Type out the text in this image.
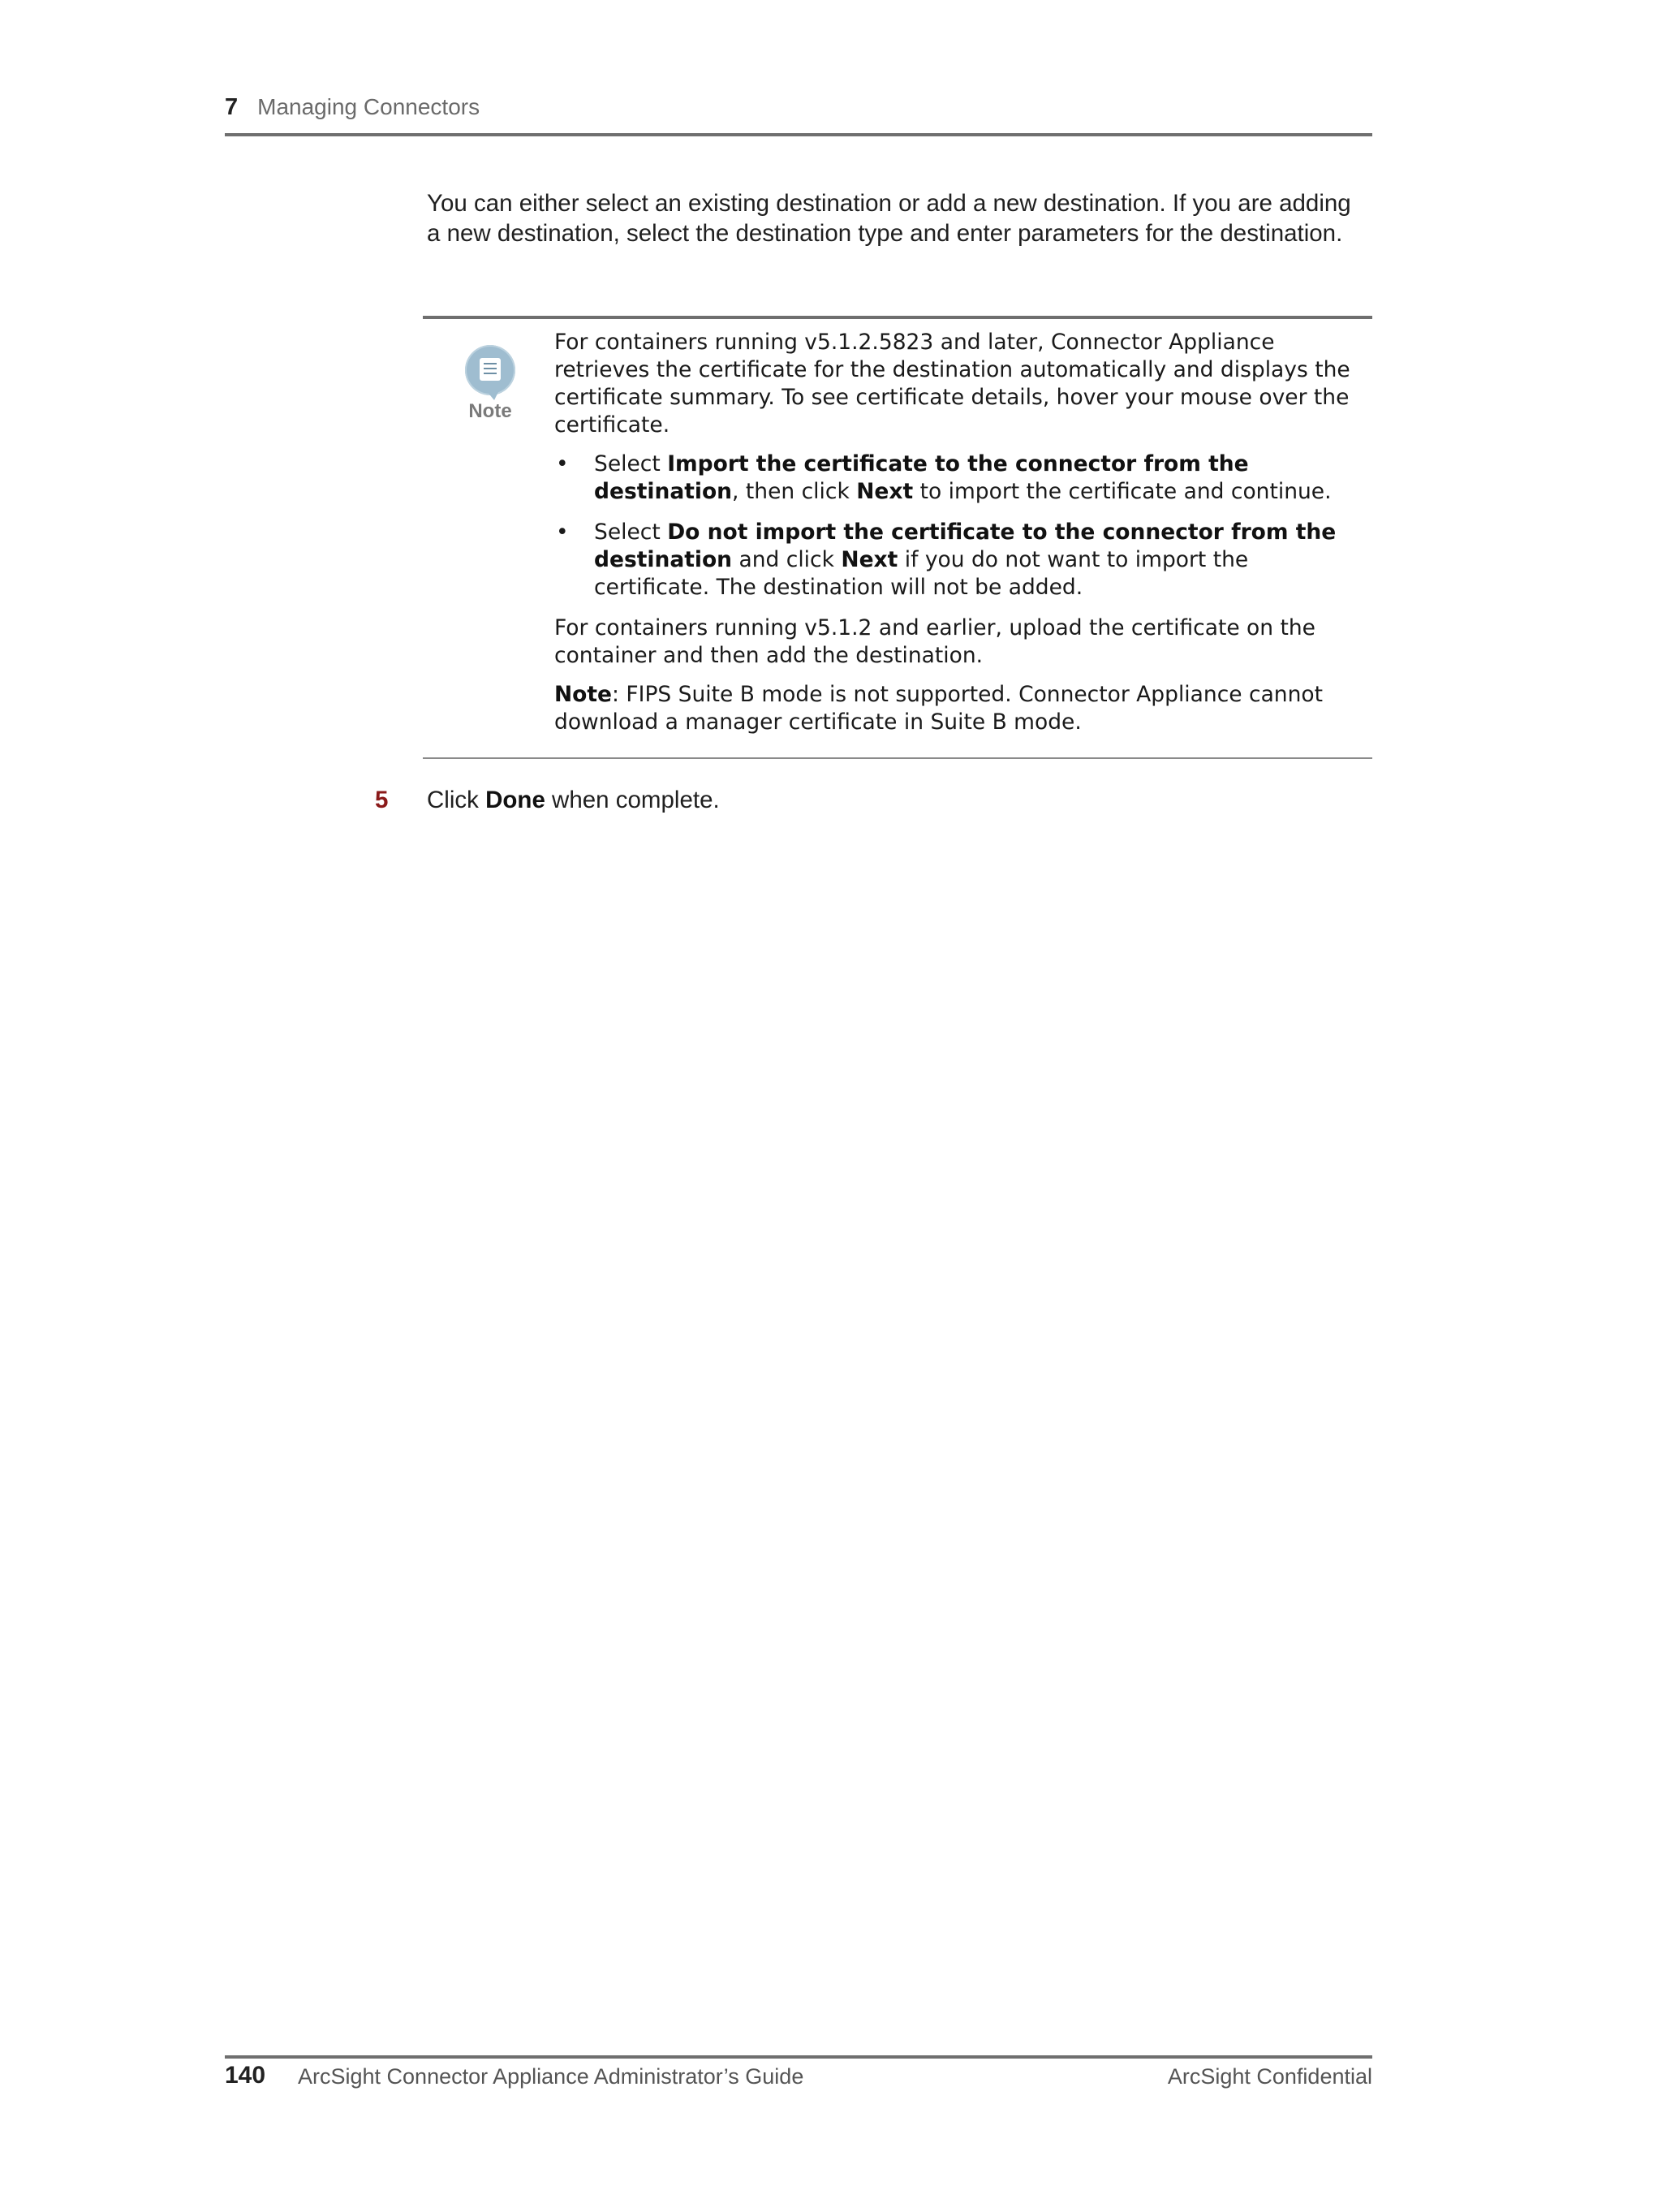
7 Managing Connectors
You can either select an existing destination or add a new destination. If you are adding a new destination, select the destination type and enter parameters for the destination.
Note

For containers running v5.1.2.5823 and later, Connector Appliance retrieves the certificate for the destination automatically and displays the certificate summary. To see certificate details, hover your mouse over the certificate.

• Select Import the certificate to the connector from the destination, then click Next to import the certificate and continue.
• Select Do not import the certificate to the connector from the destination and click Next if you do not want to import the certificate. The destination will not be added.

For containers running v5.1.2 and earlier, upload the certificate on the container and then add the destination.

Note: FIPS Suite B mode is not supported. Connector Appliance cannot download a manager certificate in Suite B mode.

5 Click Done when complete.
140 ArcSight Connector Appliance Administrator’s Guide	ArcSight Confidential
